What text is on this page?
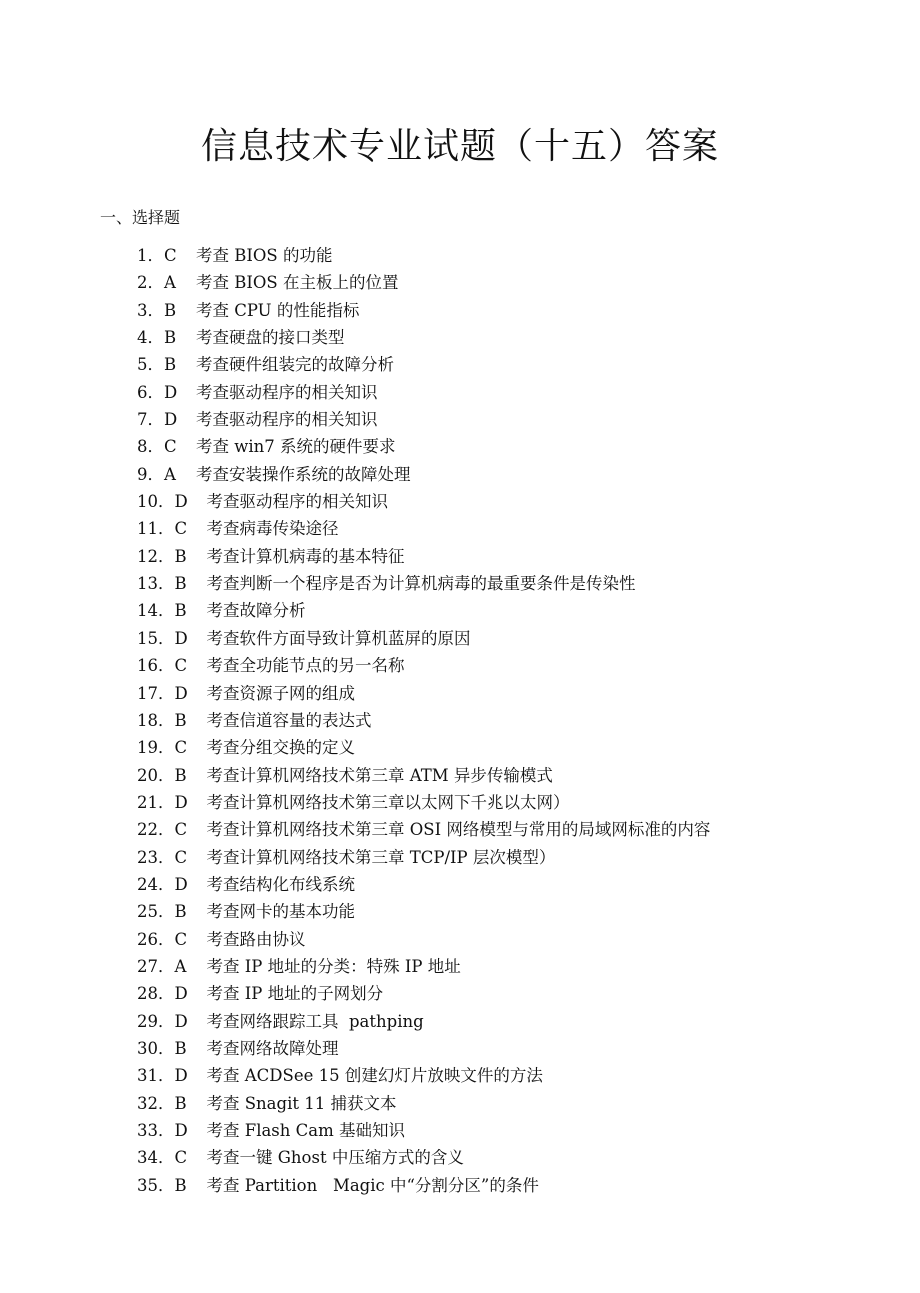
信息技术专业试题（十五）答案
一、选择题
1． C	考查 BIOS 的功能
2． A	考查 BIOS 在主板上的位置
3． B	考查 CPU 的性能指标
4． B	考查硬盘的接口类型
5． B	考查硬件组装完的故障分析
6． D	考查驱动程序的相关知识
7． D	考查驱动程序的相关知识
8． C	考查 win7 系统的硬件要求
9． A	考查安装操作系统的故障处理
10． D	考查驱动程序的相关知识
11． C	考查病毒传染途径
12． B	考查计算机病毒的基本特征
13． B	考查判断一个程序是否为计算机病毒的最重要条件是传染性
14． B	考查故障分析
15． D	考查软件方面导致计算机蓝屏的原因
16． C	考查全功能节点的另一名称
17． D	考查资源子网的组成
18． B	考查信道容量的表达式
19． C	考查分组交换的定义
20． B	考查计算机网络技术第三章 ATM 异步传输模式
21． D	考查计算机网络技术第三章以太网下千兆以太网）
22． C	考查计算机网络技术第三章 OSI 网络模型与常用的局域网标准的内容
23． C	考查计算机网络技术第三章 TCP/IP 层次模型）
24． D	考查结构化布线系统
25． B	考查网卡的基本功能
26． C	考查路由协议
27． A	考查 IP 地址的分类：特殊 IP 地址
28． D	考查 IP 地址的子网划分
29． D	考查网络跟踪工具  pathping
30． B	考查网络故障处理
31． D	考查 ACDSee 15 创建幻灯片放映文件的方法
32． B	考查 Snagit 11 捕获文本
33． D	考查 Flash Cam 基础知识
34． C	考查一键 Ghost 中压缩方式的含义
35． B	考查 Partition   Magic 中“分割分区”的条件
